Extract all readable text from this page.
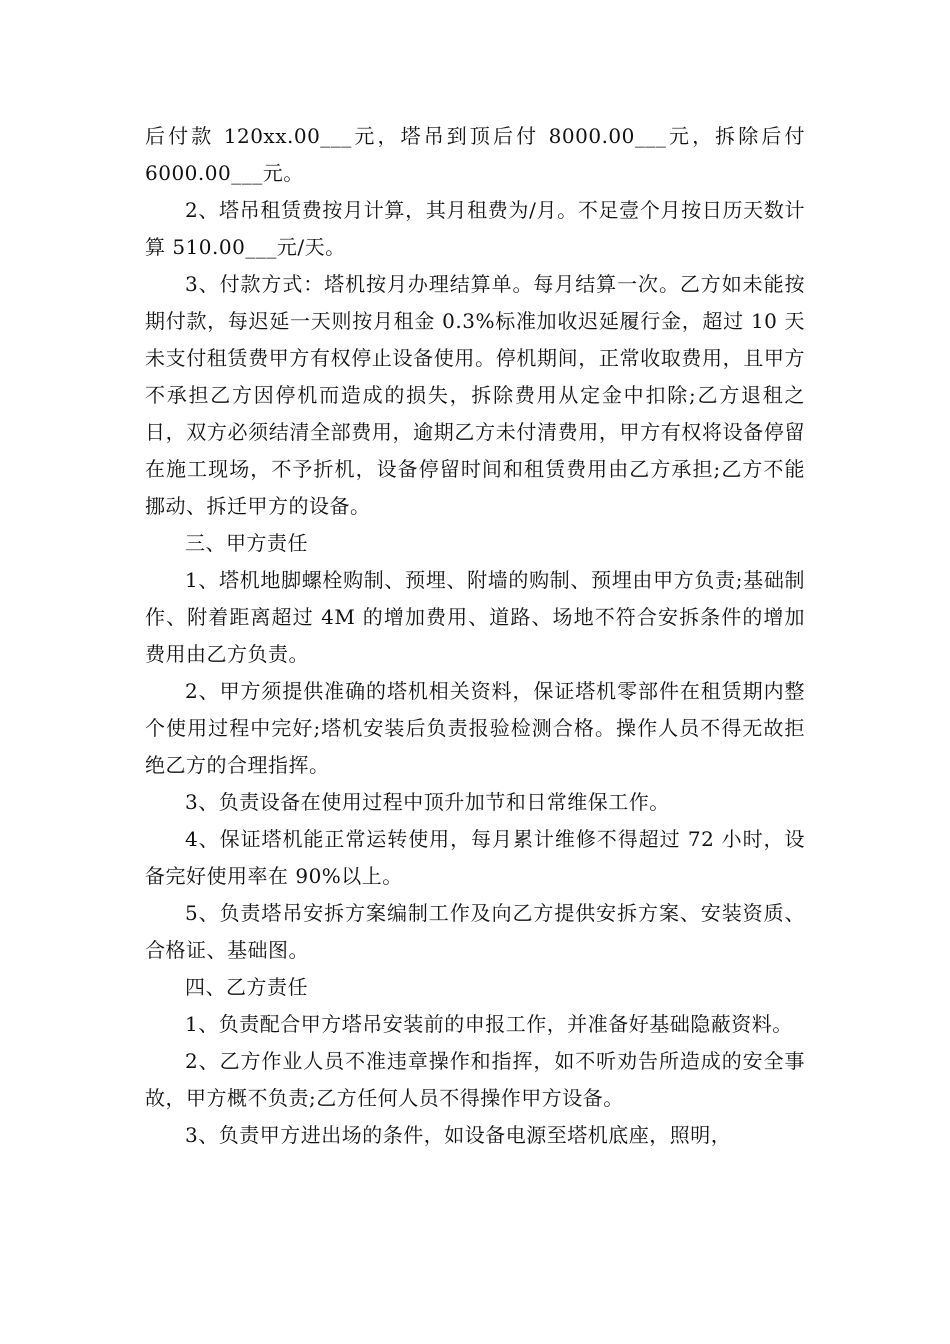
后付款 120xx.00___元，塔吊到顶后付 8000.00___元，拆除后付 6000.00___元。

2、塔吊租赁费按月计算，其月租费为/月。不足壹个月按日历天数计算 510.00___元/天。

3、付款方式：塔机按月办理结算单。每月结算一次。乙方如未能按期付款，每迟延一天则按月租金 0.3%标准加收迟延履行金，超过 10 天未支付租赁费甲方有权停止设备使用。停机期间，正常收取费用，且甲方不承担乙方因停机而造成的损失，拆除费用从定金中扣除;乙方退租之日，双方必须结清全部费用，逾期乙方未付清费用，甲方有权将设备停留在施工现场，不予折机，设备停留时间和租赁费用由乙方承担;乙方不能挪动、拆迁甲方的设备。

三、甲方责任

1、塔机地脚螺栓购制、预埋、附墙的购制、预埋由甲方负责;基础制作、附着距离超过 4M 的增加费用、道路、场地不符合安拆条件的增加费用由乙方负责。

2、甲方须提供准确的塔机相关资料，保证塔机零部件在租赁期内整个使用过程中完好;塔机安装后负责报验检测合格。操作人员不得无故拒绝乙方的合理指挥。

3、负责设备在使用过程中顶升加节和日常维保工作。

4、保证塔机能正常运转使用，每月累计维修不得超过 72 小时，设备完好使用率在 90%以上。

5、负责塔吊安拆方案编制工作及向乙方提供安拆方案、安装资质、合格证、基础图。

四、乙方责任

1、负责配合甲方塔吊安装前的申报工作，并准备好基础隐蔽资料。

2、乙方作业人员不准违章操作和指挥，如不听劝告所造成的安全事故，甲方概不负责;乙方任何人员不得操作甲方设备。

3、负责甲方进出场的条件，如设备电源至塔机底座，照明，
